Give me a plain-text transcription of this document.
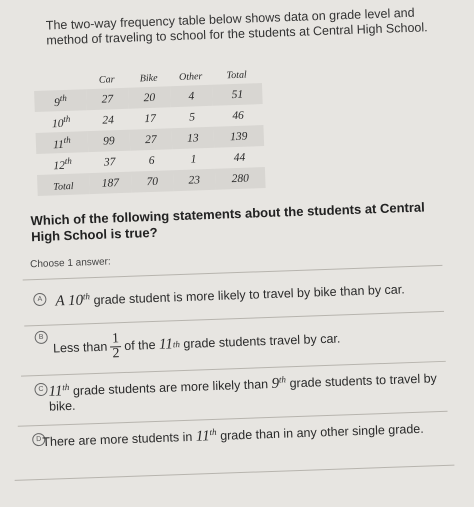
The two-way frequency table below shows data on grade level and method of traveling to school for the students at Central High School.
	Car	Bike	Other	Total
9th	27	20	4	51
10th	24	17	5	46
11th	99	27	13	139
12th	37	6	1	44
Total	187	70	23	280
Which of the following statements about the students at Central High School is true?
Choose 1 answer:
A A 10th grade student is more likely to travel by bike than by car.
B
Less than $\frac{1}{2}$ of the
11 th
grade students travel by car.
C 11th grade students are more likely than 9th grade students to travel by bike.
D There are more students in 11th grade than in any other single grade.
